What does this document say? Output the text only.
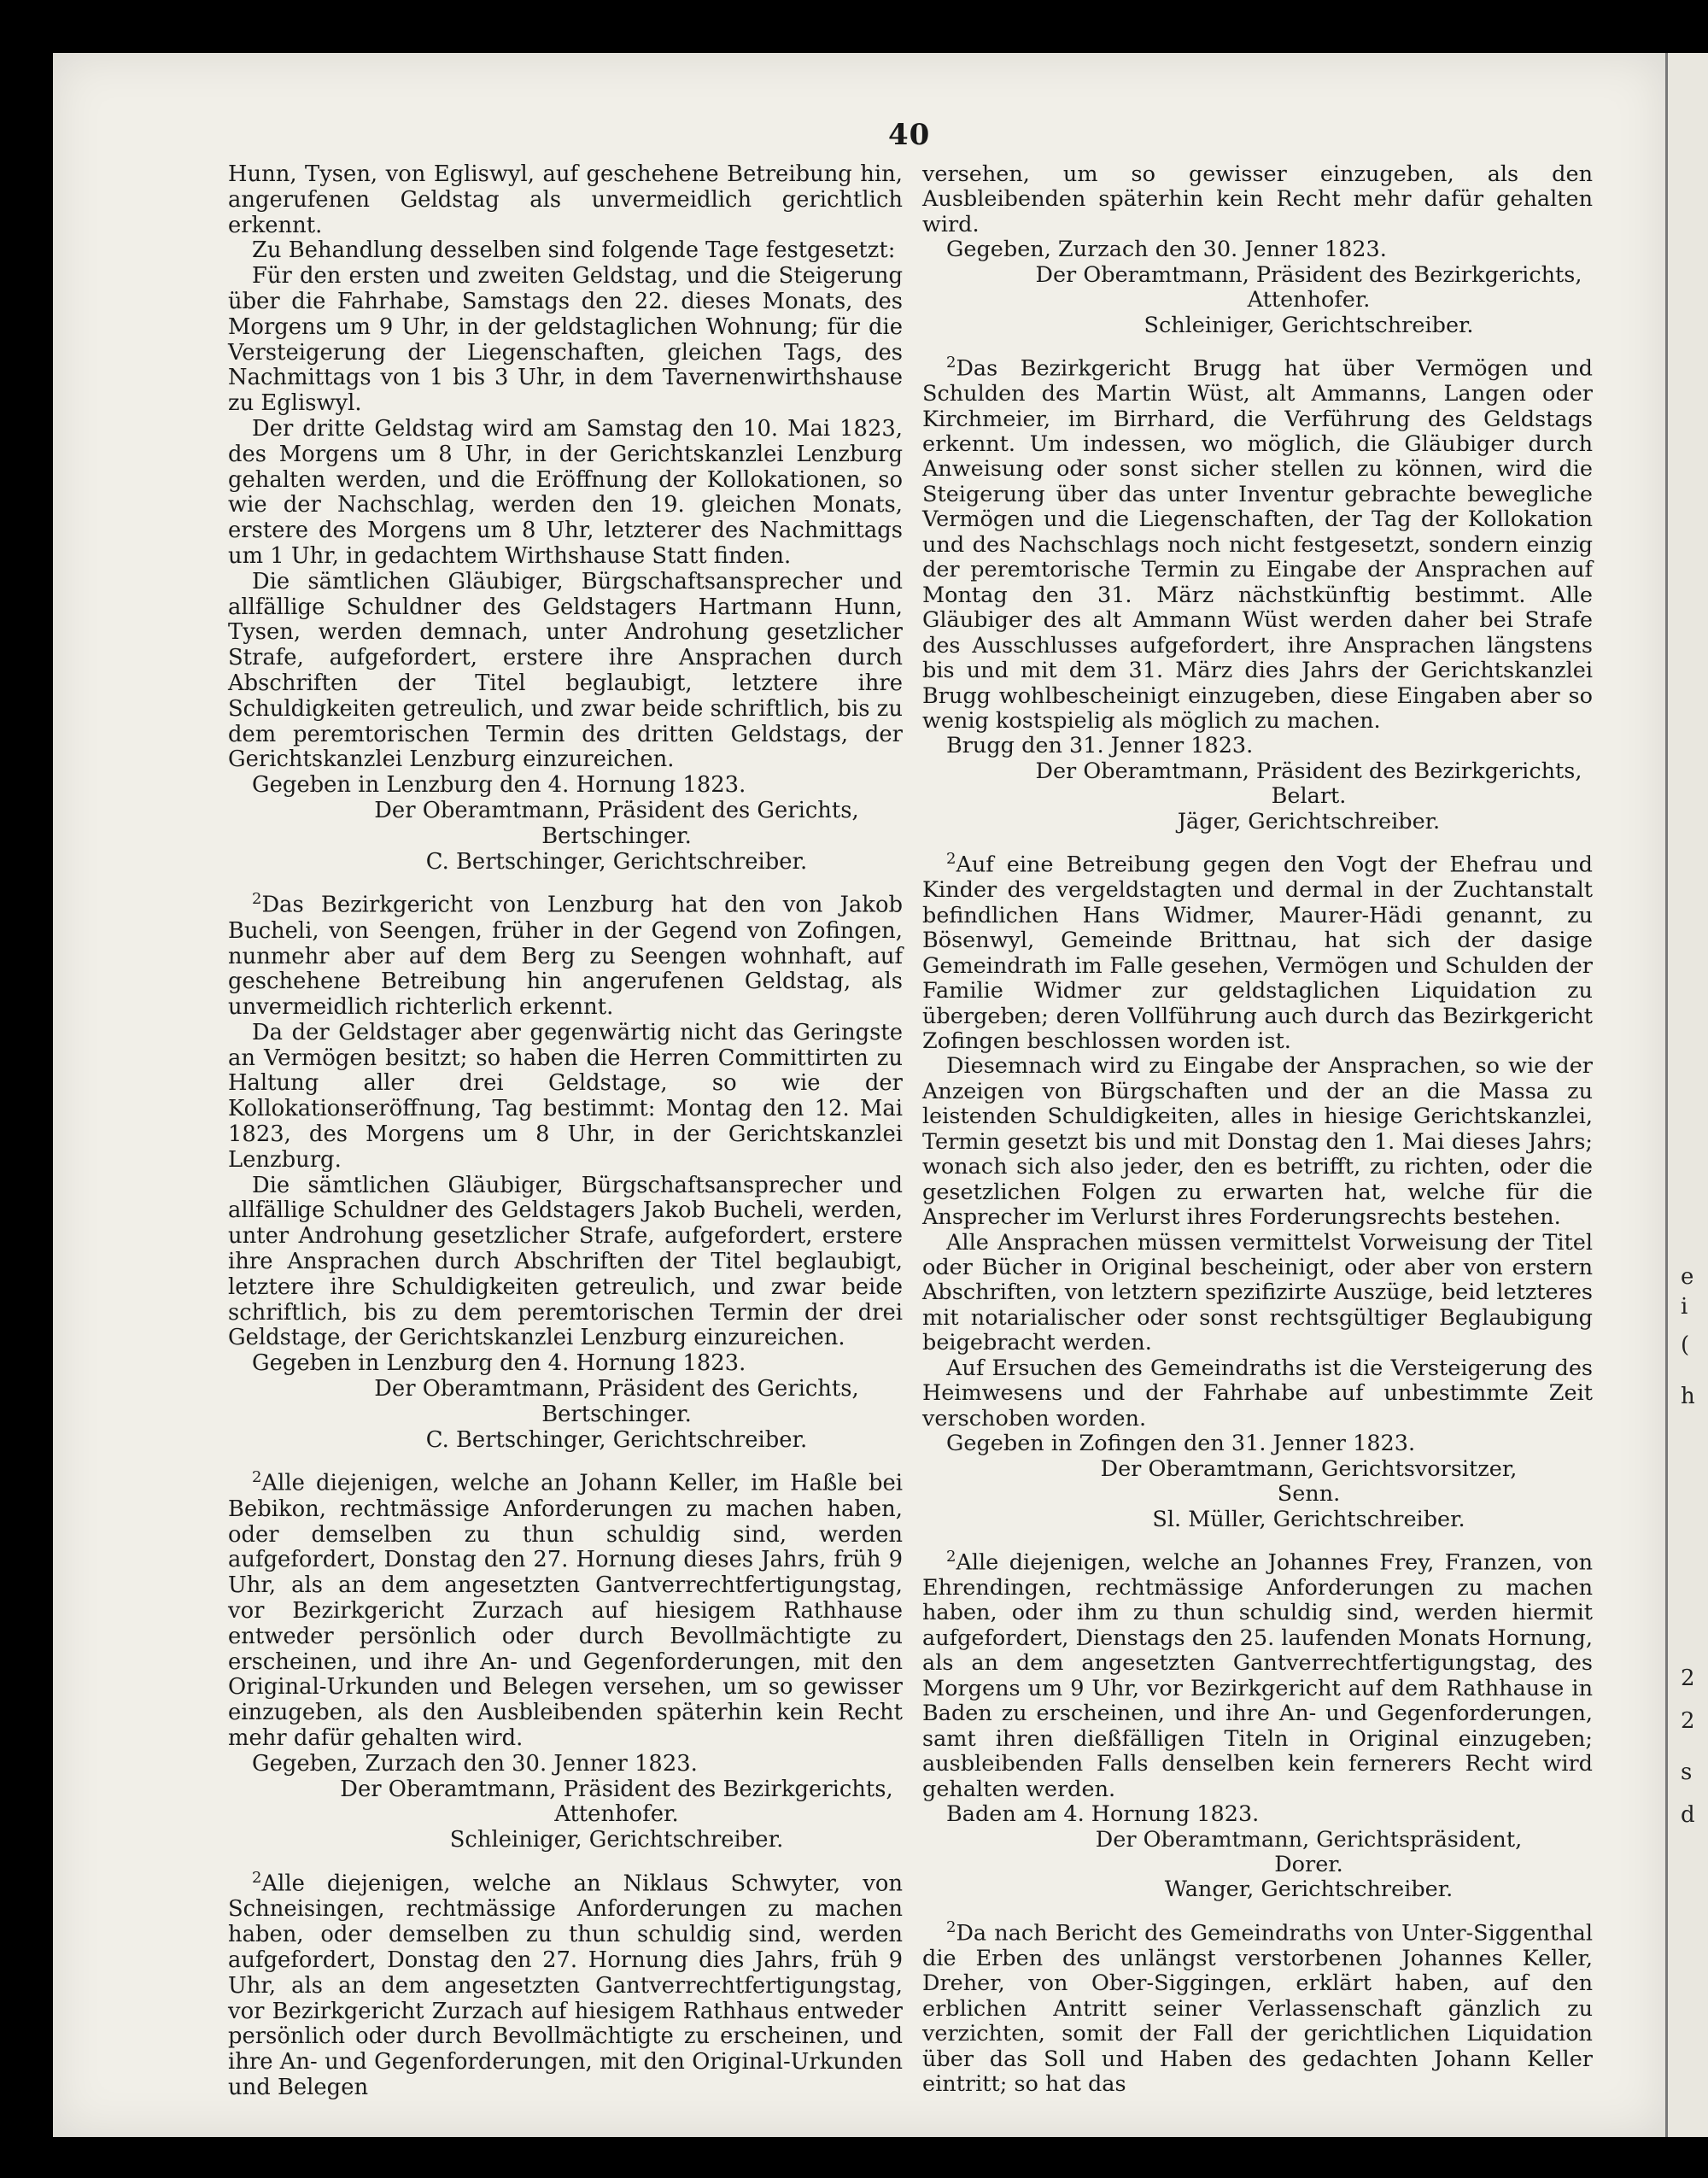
40

Hunn, Tysen, von Egliswyl, auf geschehene Betreibung hin, angerufenen Geldstag als unvermeidlich gerichtlich erkennt.

Zu Behandlung desselben sind folgende Tage festgesetzt:

Für den ersten und zweiten Geldstag, und die Steigerung über die Fahrhabe, Samstags den 22. dieses Monats, des Morgens um 9 Uhr, in der geldstaglichen Wohnung; für die Versteigerung der Liegenschaften, gleichen Tags, des Nachmittags von 1 bis 3 Uhr, in dem Tavernenwirthshause zu Egliswyl.

Der dritte Geldstag wird am Samstag den 10. Mai 1823, des Morgens um 8 Uhr, in der Gerichtskanzlei Lenzburg gehalten werden, und die Eröffnung der Kollokationen, so wie der Nachschlag, werden den 19. gleichen Monats, erstere des Morgens um 8 Uhr, letzterer des Nachmittags um 1 Uhr, in gedachtem Wirthshause Statt finden.

Die sämtlichen Gläubiger, Bürgschaftsansprecher und allfällige Schuldner des Geldstagers Hartmann Hunn, Tysen, werden demnach, unter Androhung gesetzlicher Strafe, aufgefordert, erstere ihre Ansprachen durch Abschriften der Titel beglaubigt, letztere ihre Schuldigkeiten getreulich, und zwar beide schriftlich, bis zu dem peremtorischen Termin des dritten Geldstags, der Gerichtskanzlei Lenzburg einzureichen.

Gegeben in Lenzburg den 4. Hornung 1823.

Der Oberamtmann, Präsident des Gerichts,

Bertschinger.

C. Bertschinger, Gerichtschreiber.

$^2$Das Bezirkgericht von Lenzburg hat den von Jakob Bucheli, von Seengen, früher in der Gegend von Zofingen, nunmehr aber auf dem Berg zu Seengen wohnhaft, auf geschehene Betreibung hin angerufenen Geldstag, als unvermeidlich richterlich erkennt.

Da der Geldstager aber gegenwärtig nicht das Geringste an Vermögen besitzt; so haben die Herren Committirten zu Haltung aller drei Geldstage, so wie der Kollokationseröffnung, Tag bestimmt: Montag den 12. Mai 1823, des Morgens um 8 Uhr, in der Gerichtskanzlei Lenzburg.

Die sämtlichen Gläubiger, Bürgschaftsansprecher und allfällige Schuldner des Geldstagers Jakob Bucheli, werden, unter Androhung gesetzlicher Strafe, aufgefordert, erstere ihre Ansprachen durch Abschriften der Titel beglaubigt, letztere ihre Schuldigkeiten getreulich, und zwar beide schriftlich, bis zu dem peremtorischen Termin der drei Geldstage, der Gerichtskanzlei Lenzburg einzureichen.

Gegeben in Lenzburg den 4. Hornung 1823.

Der Oberamtmann, Präsident des Gerichts,

Bertschinger.

C. Bertschinger, Gerichtschreiber.

$^2$Alle diejenigen, welche an Johann Keller, im Haßle bei Bebikon, rechtmässige Anforderungen zu machen haben, oder demselben zu thun schuldig sind, werden aufgefordert, Donstag den 27. Hornung dieses Jahrs, früh 9 Uhr, als an dem angesetzten Gantverrechtfertigungstag, vor Bezirkgericht Zurzach auf hiesigem Rathhause entweder persönlich oder durch Bevollmächtigte zu erscheinen, und ihre An- und Gegenforderungen, mit den Original-Urkunden und Belegen versehen, um so gewisser einzugeben, als den Ausbleibenden späterhin kein Recht mehr dafür gehalten wird.

Gegeben, Zurzach den 30. Jenner 1823.

Der Oberamtmann, Präsident des Bezirkgerichts,

Attenhofer.

Schleiniger, Gerichtschreiber.

$^2$Alle diejenigen, welche an Niklaus Schwyter, von Schneisingen, rechtmässige Anforderungen zu machen haben, oder demselben zu thun schuldig sind, werden aufgefordert, Donstag den 27. Hornung dies Jahrs, früh 9 Uhr, als an dem angesetzten Gantverrechtfertigungstag, vor Bezirkgericht Zurzach auf hiesigem Rathhaus entweder persönlich oder durch Bevollmächtigte zu erscheinen, und ihre An- und Gegenforderungen, mit den Original-Urkunden und Belegen

versehen, um so gewisser einzugeben, als den Ausbleibenden späterhin kein Recht mehr dafür gehalten wird.

Gegeben, Zurzach den 30. Jenner 1823.

Der Oberamtmann, Präsident des Bezirkgerichts,

Attenhofer.

Schleiniger, Gerichtschreiber.

$^2$Das Bezirkgericht Brugg hat über Vermögen und Schulden des Martin Wüst, alt Ammanns, Langen oder Kirchmeier, im Birrhard, die Verführung des Geldstags erkennt. Um indessen, wo möglich, die Gläubiger durch Anweisung oder sonst sicher stellen zu können, wird die Steigerung über das unter Inventur gebrachte bewegliche Vermögen und die Liegenschaften, der Tag der Kollokation und des Nachschlags noch nicht festgesetzt, sondern einzig der peremtorische Termin zu Eingabe der Ansprachen auf Montag den 31. März nächstkünftig bestimmt. Alle Gläubiger des alt Ammann Wüst werden daher bei Strafe des Ausschlusses aufgefordert, ihre Ansprachen längstens bis und mit dem 31. März dies Jahrs der Gerichtskanzlei Brugg wohlbescheinigt einzugeben, diese Eingaben aber so wenig kostspielig als möglich zu machen.

Brugg den 31. Jenner 1823.

Der Oberamtmann, Präsident des Bezirkgerichts,

Belart.

Jäger, Gerichtschreiber.

$^2$Auf eine Betreibung gegen den Vogt der Ehefrau und Kinder des vergeldstagten und dermal in der Zuchtanstalt befindlichen Hans Widmer, Maurer-Hädi genannt, zu Bösenwyl, Gemeinde Brittnau, hat sich der dasige Gemeindrath im Falle gesehen, Vermögen und Schulden der Familie Widmer zur geldstaglichen Liquidation zu übergeben; deren Vollführung auch durch das Bezirkgericht Zofingen beschlossen worden ist.

Diesemnach wird zu Eingabe der Ansprachen, so wie der Anzeigen von Bürgschaften und der an die Massa zu leistenden Schuldigkeiten, alles in hiesige Gerichtskanzlei, Termin gesetzt bis und mit Donstag den 1. Mai dieses Jahrs; wonach sich also jeder, den es betrifft, zu richten, oder die gesetzlichen Folgen zu erwarten hat, welche für die Ansprecher im Verlurst ihres Forderungsrechts bestehen.

Alle Ansprachen müssen vermittelst Vorweisung der Titel oder Bücher in Original bescheinigt, oder aber von erstern Abschriften, von letztern spezifizirte Auszüge, beid letzteres mit notarialischer oder sonst rechtsgültiger Beglaubigung beigebracht werden.

Auf Ersuchen des Gemeindraths ist die Versteigerung des Heimwesens und der Fahrhabe auf unbestimmte Zeit verschoben worden.

Gegeben in Zofingen den 31. Jenner 1823.

Der Oberamtmann, Gerichtsvorsitzer,

Senn.

Sl. Müller, Gerichtschreiber.

$^2$Alle diejenigen, welche an Johannes Frey, Franzen, von Ehrendingen, rechtmässige Anforderungen zu machen haben, oder ihm zu thun schuldig sind, werden hiermit aufgefordert, Dienstags den 25. laufenden Monats Hornung, als an dem angesetzten Gantverrechtfertigungstag, des Morgens um 9 Uhr, vor Bezirkgericht auf dem Rathhause in Baden zu erscheinen, und ihre An- und Gegenforderungen, samt ihren dießfälligen Titeln in Original einzugeben; ausbleibenden Falls denselben kein fernerers Recht wird gehalten werden.

Baden am 4. Hornung 1823.

Der Oberamtmann, Gerichtspräsident,

Dorer.

Wanger, Gerichtschreiber.

$^2$Da nach Bericht des Gemeindraths von Unter-Siggenthal die Erben des unlängst verstorbenen Johannes Keller, Dreher, von Ober-Siggingen, erklärt haben, auf den erblichen Antritt seiner Verlassenschaft gänzlich zu verzichten, somit der Fall der gerichtlichen Liquidation über das Soll und Haben des gedachten Johann Keller eintritt; so hat das

e
i
(
h
2
2
s
d
